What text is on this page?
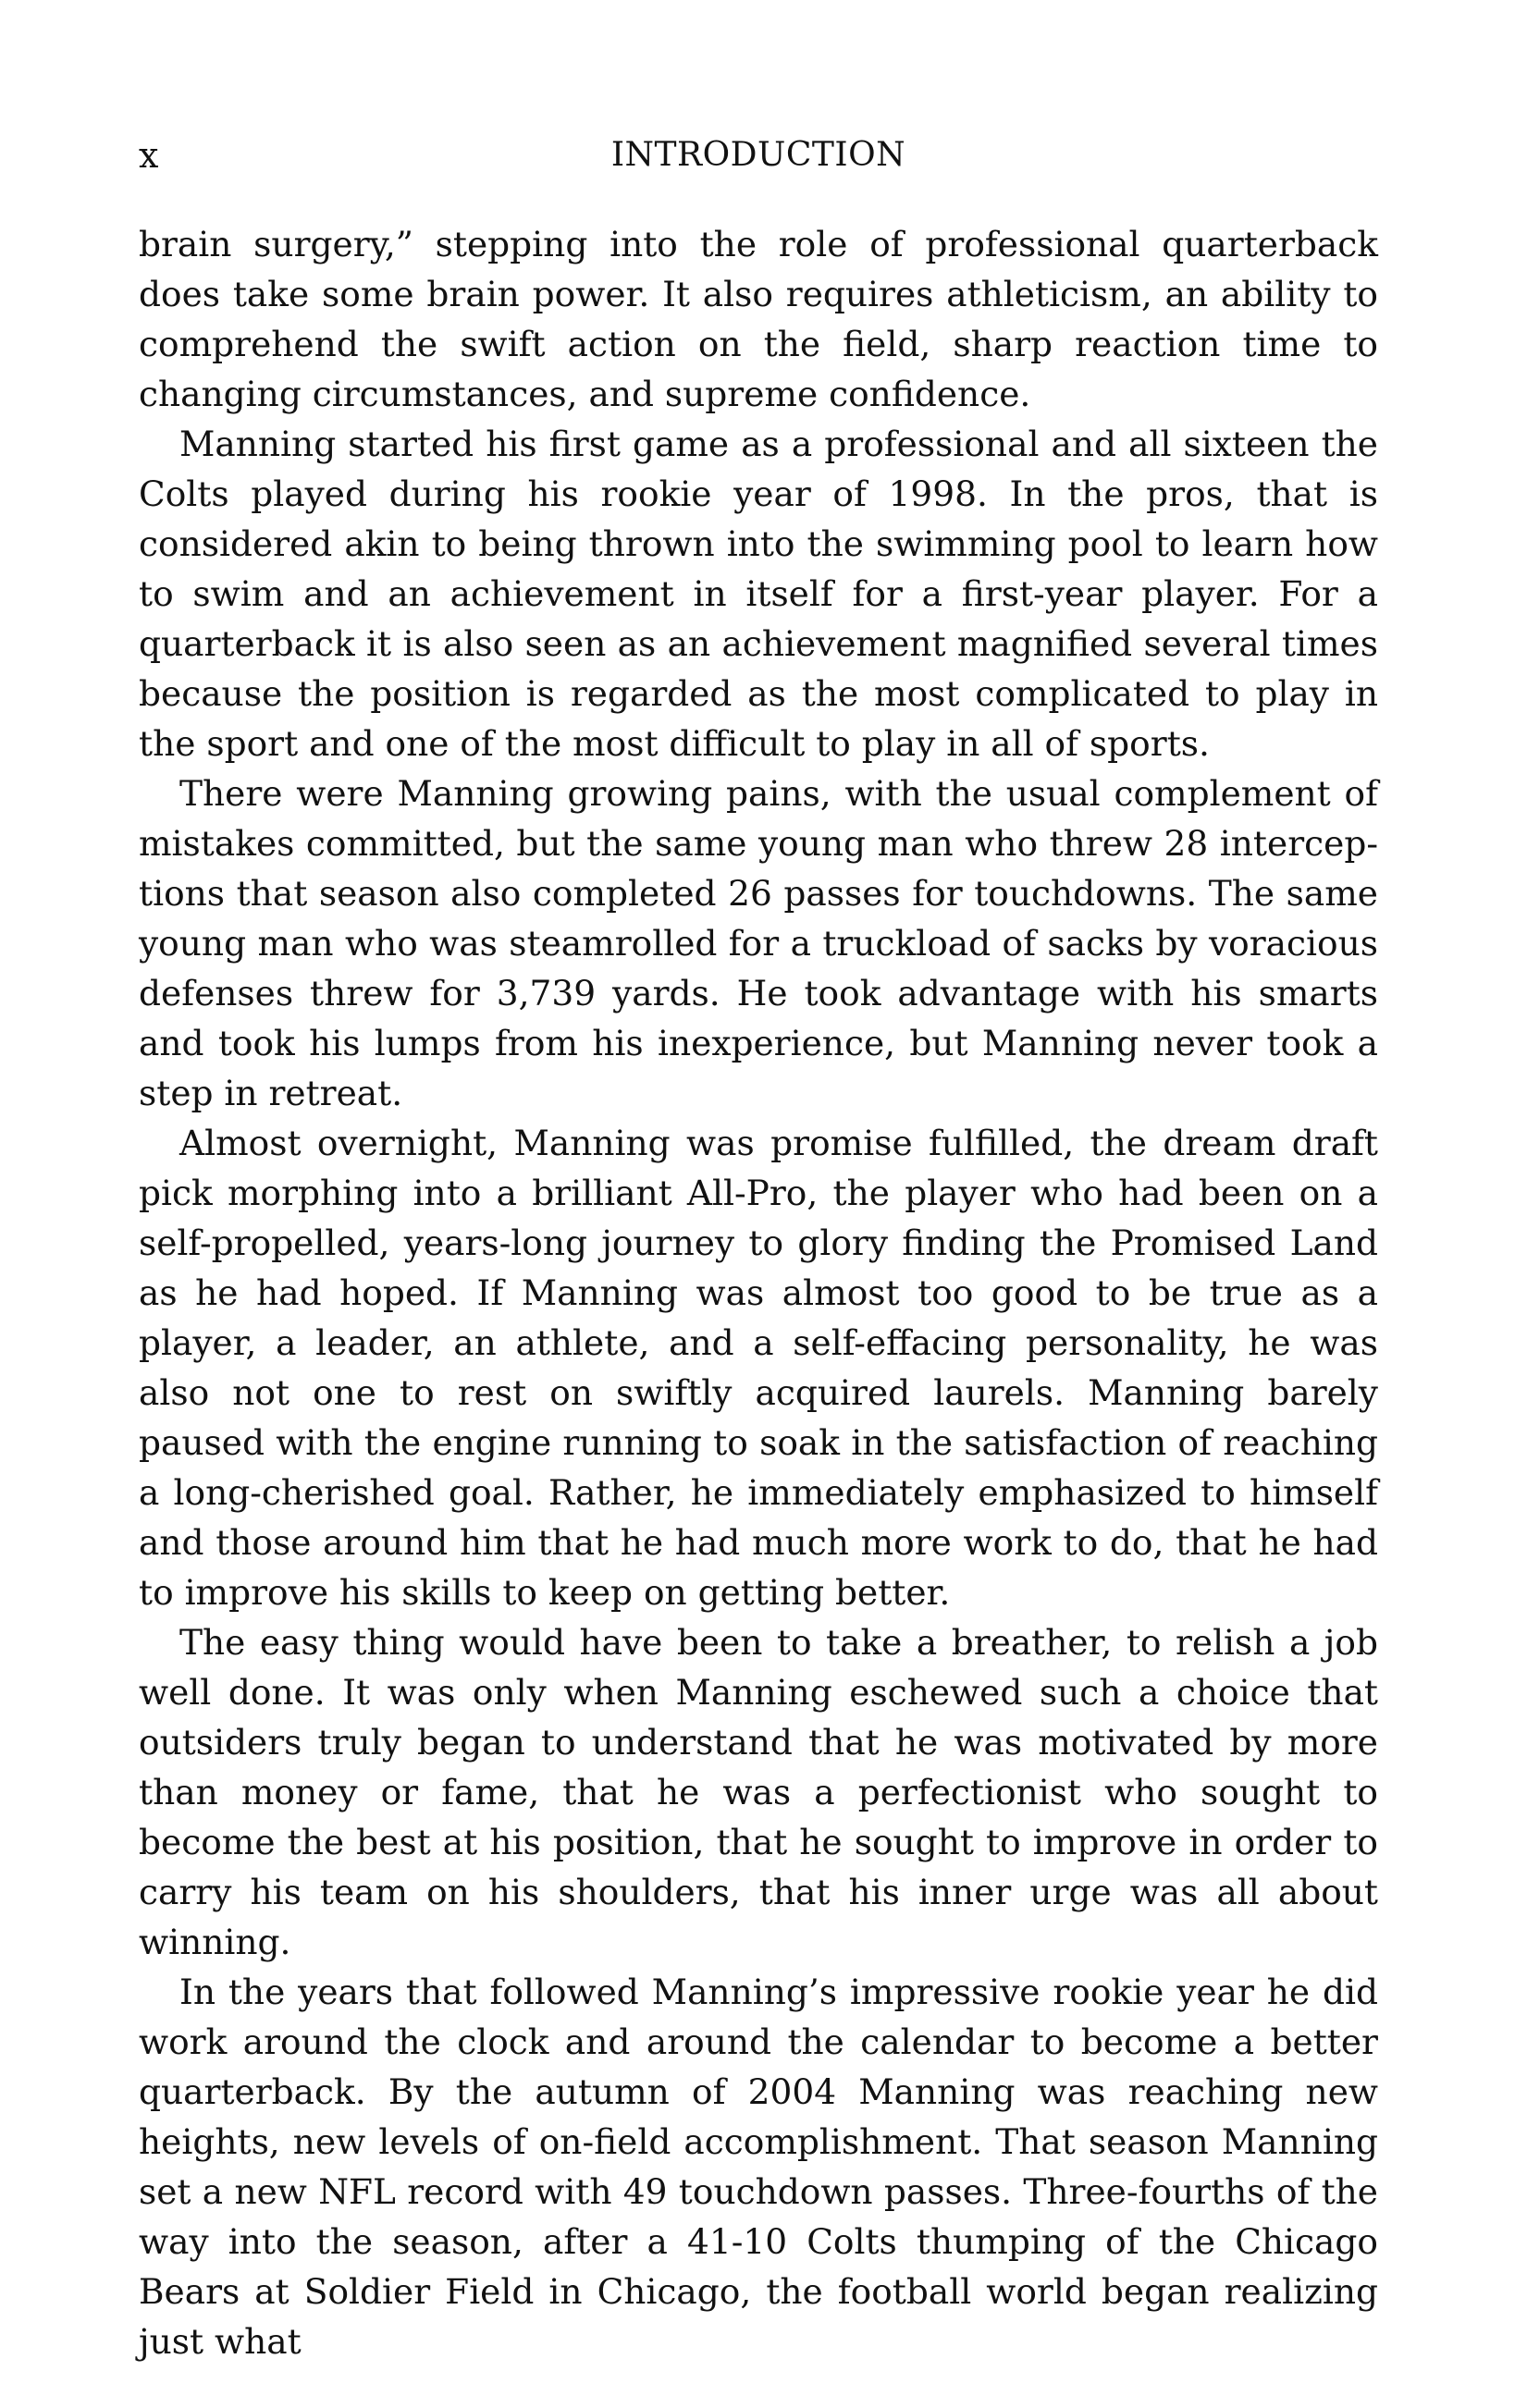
x	INTRODUCTION

brain surgery,” stepping into the role of professional quarterback does take some brain power. It also requires athleticism, an ability to comprehend the swift action on the field, sharp reaction time to changing circumstances, and supreme confidence.

Manning started his first game as a professional and all sixteen the Colts played during his rookie year of 1998. In the pros, that is considered akin to being thrown into the swimming pool to learn how to swim and an achievement in itself for a first-year player. For a quarterback it is also seen as an achievement magnified several times because the position is regarded as the most complicated to play in the sport and one of the most difficult to play in all of sports.

There were Manning growing pains, with the usual complement of mistakes committed, but the same young man who threw 28 interceptions that season also completed 26 passes for touchdowns. The same young man who was steamrolled for a truckload of sacks by voracious defenses threw for 3,739 yards. He took advantage with his smarts and took his lumps from his inexperience, but Manning never took a step in retreat.

Almost overnight, Manning was promise fulfilled, the dream draft pick morphing into a brilliant All-Pro, the player who had been on a self-propelled, years-long journey to glory finding the Promised Land as he had hoped. If Manning was almost too good to be true as a player, a leader, an athlete, and a self-effacing personality, he was also not one to rest on swiftly acquired laurels. Manning barely paused with the engine running to soak in the satisfaction of reaching a long-cherished goal. Rather, he immediately emphasized to himself and those around him that he had much more work to do, that he had to improve his skills to keep on getting better.

The easy thing would have been to take a breather, to relish a job well done. It was only when Manning eschewed such a choice that outsiders truly began to understand that he was motivated by more than money or fame, that he was a perfectionist who sought to become the best at his position, that he sought to improve in order to carry his team on his shoulders, that his inner urge was all about winning.

In the years that followed Manning’s impressive rookie year he did work around the clock and around the calendar to become a better quarterback. By the autumn of 2004 Manning was reaching new heights, new levels of on-field accomplishment. That season Manning set a new NFL record with 49 touchdown passes. Three-fourths of the way into the season, after a 41-10 Colts thumping of the Chicago Bears at Soldier Field in Chicago, the football world began realizing just what
